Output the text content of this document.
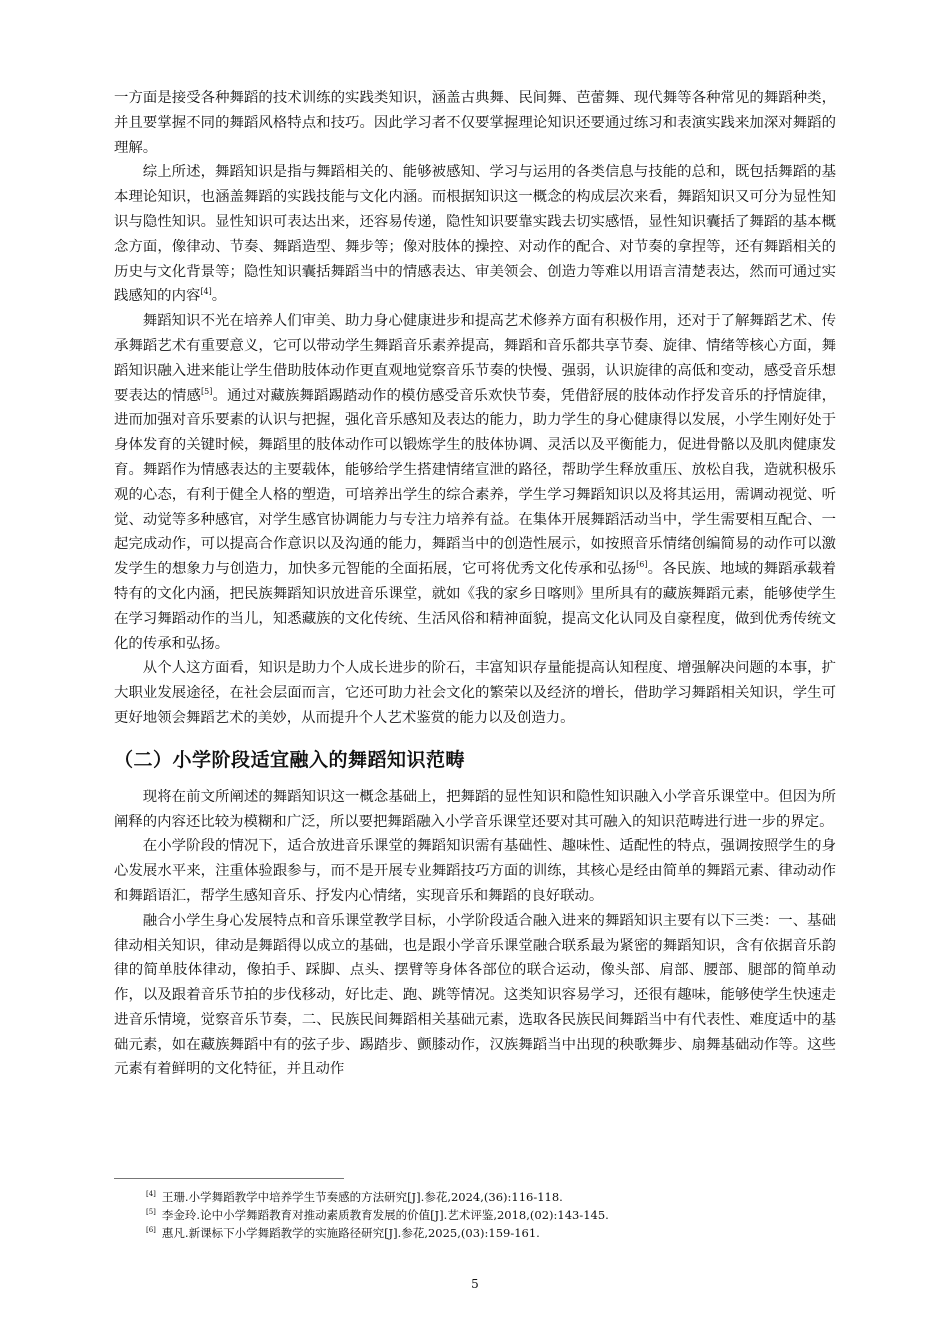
一方面是接受各种舞蹈的技术训练的实践类知识，涵盖古典舞、民间舞、芭蕾舞、现代舞等各种常见的舞蹈种类，并且要掌握不同的舞蹈风格特点和技巧。因此学习者不仅要掌握理论知识还要通过练习和表演实践来加深对舞蹈的理解。

综上所述，舞蹈知识是指与舞蹈相关的、能够被感知、学习与运用的各类信息与技能的总和，既包括舞蹈的基本理论知识，也涵盖舞蹈的实践技能与文化内涵。而根据知识这一概念的构成层次来看，舞蹈知识又可分为显性知识与隐性知识。显性知识可表达出来，还容易传递，隐性知识要靠实践去切实感悟，显性知识囊括了舞蹈的基本概念方面，像律动、节奏、舞蹈造型、舞步等；像对肢体的操控、对动作的配合、对节奏的拿捏等，还有舞蹈相关的历史与文化背景等；隐性知识囊括舞蹈当中的情感表达、审美领会、创造力等难以用语言清楚表达，然而可通过实践感知的内容[4]。

舞蹈知识不光在培养人们审美、助力身心健康进步和提高艺术修养方面有积极作用，还对于了解舞蹈艺术、传承舞蹈艺术有重要意义，它可以带动学生舞蹈音乐素养提高，舞蹈和音乐都共享节奏、旋律、情绪等核心方面，舞蹈知识融入进来能让学生借助肢体动作更直观地觉察音乐节奏的快慢、强弱，认识旋律的高低和变动，感受音乐想要表达的情感[5]。通过对藏族舞蹈踢踏动作的模仿感受音乐欢快节奏，凭借舒展的肢体动作抒发音乐的抒情旋律，进而加强对音乐要素的认识与把握，强化音乐感知及表达的能力，助力学生的身心健康得以发展，小学生刚好处于身体发育的关键时候，舞蹈里的肢体动作可以锻炼学生的肢体协调、灵活以及平衡能力，促进骨骼以及肌肉健康发育。舞蹈作为情感表达的主要载体，能够给学生搭建情绪宣泄的路径，帮助学生释放重压、放松自我，造就积极乐观的心态，有利于健全人格的塑造，可培养出学生的综合素养，学生学习舞蹈知识以及将其运用，需调动视觉、听觉、动觉等多种感官，对学生感官协调能力与专注力培养有益。在集体开展舞蹈活动当中，学生需要相互配合、一起完成动作，可以提高合作意识以及沟通的能力，舞蹈当中的创造性展示，如按照音乐情绪创编简易的动作可以激发学生的想象力与创造力，加快多元智能的全面拓展，它可将优秀文化传承和弘扬[6]。各民族、地域的舞蹈承载着特有的文化内涵，把民族舞蹈知识放进音乐课堂，就如《我的家乡日喀则》里所具有的藏族舞蹈元素，能够使学生在学习舞蹈动作的当儿，知悉藏族的文化传统、生活风俗和精神面貌，提高文化认同及自豪程度，做到优秀传统文化的传承和弘扬。

从个人这方面看，知识是助力个人成长进步的阶石，丰富知识存量能提高认知程度、增强解决问题的本事，扩大职业发展途径，在社会层面而言，它还可助力社会文化的繁荣以及经济的增长，借助学习舞蹈相关知识，学生可更好地领会舞蹈艺术的美妙，从而提升个人艺术鉴赏的能力以及创造力。

（二）小学阶段适宜融入的舞蹈知识范畴

现将在前文所阐述的舞蹈知识这一概念基础上，把舞蹈的显性知识和隐性知识融入小学音乐课堂中。但因为所阐释的内容还比较为模糊和广泛，所以要把舞蹈融入小学音乐课堂还要对其可融入的知识范畴进行进一步的界定。

在小学阶段的情况下，适合放进音乐课堂的舞蹈知识需有基础性、趣味性、适配性的特点，强调按照学生的身心发展水平来，注重体验跟参与，而不是开展专业舞蹈技巧方面的训练，其核心是经由简单的舞蹈元素、律动动作和舞蹈语汇，帮学生感知音乐、抒发内心情绪，实现音乐和舞蹈的良好联动。

融合小学生身心发展特点和音乐课堂教学目标，小学阶段适合融入进来的舞蹈知识主要有以下三类：一、基础律动相关知识，律动是舞蹈得以成立的基础，也是跟小学音乐课堂融合联系最为紧密的舞蹈知识，含有依据音乐韵律的简单肢体律动，像拍手、踩脚、点头、摆臂等身体各部位的联合运动，像头部、肩部、腰部、腿部的简单动作，以及跟着音乐节拍的步伐移动，好比走、跑、跳等情况。这类知识容易学习，还很有趣味，能够使学生快速走进音乐情境，觉察音乐节奏，二、民族民间舞蹈相关基础元素，选取各民族民间舞蹈当中有代表性、难度适中的基础元素，如在藏族舞蹈中有的弦子步、踢踏步、颤膝动作，汉族舞蹈当中出现的秧歌舞步、扇舞基础动作等。这些元素有着鲜明的文化特征，并且动作

[4] 王珊.小学舞蹈教学中培养学生节奏感的方法研究[J].参花,2024,(36):116-118.

[5] 李金玲.论中小学舞蹈教育对推动素质教育发展的价值[J].艺术评鉴,2018,(02):143-145.

[6] 惠凡.新课标下小学舞蹈教学的实施路径研究[J].参花,2025,(03):159-161.

5
